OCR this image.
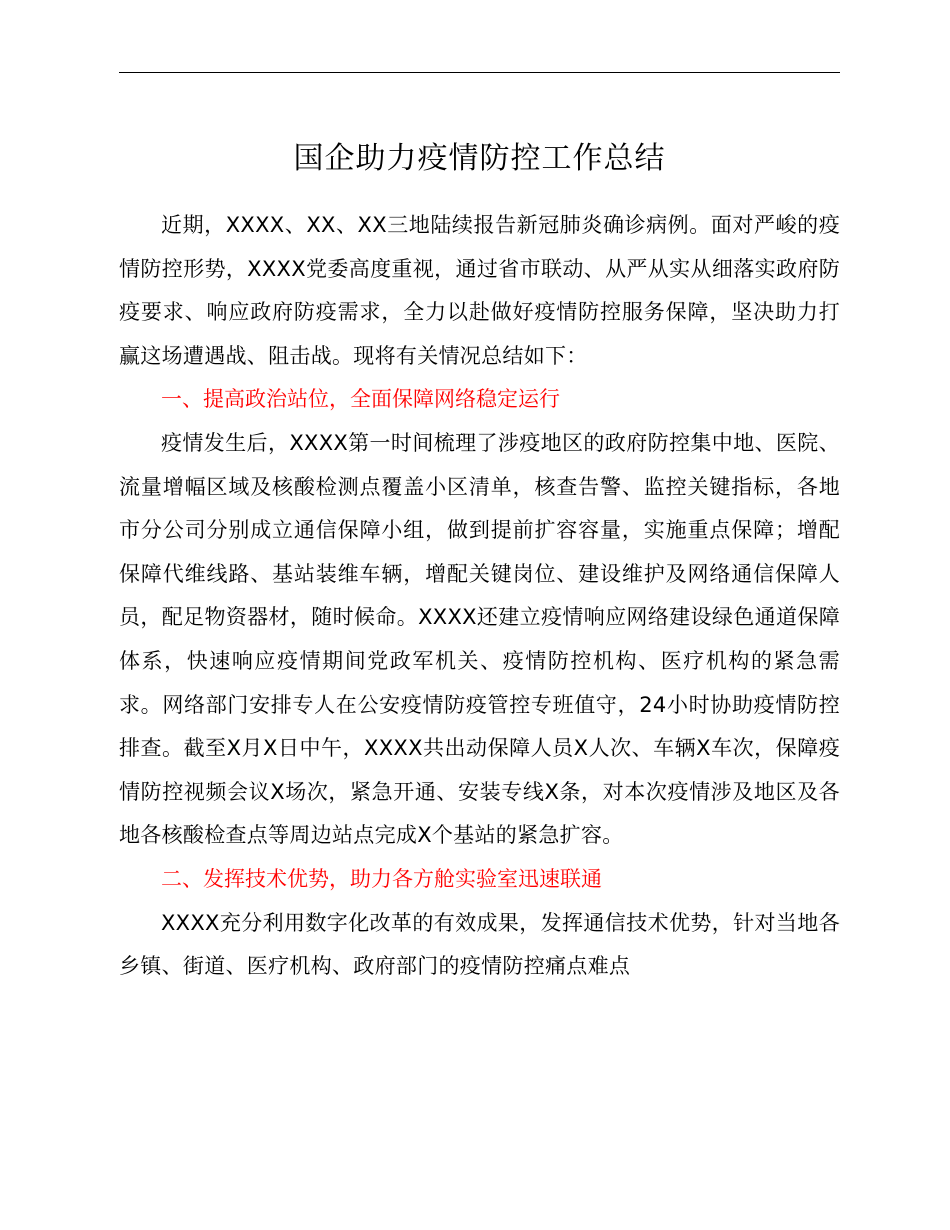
国企助力疫情防控工作总结

近期，XXXX、XX、XX三地陆续报告新冠肺炎确诊病例。面对严峻的疫情防控形势，XXXX党委高度重视，通过省市联动、从严从实从细落实政府防疫要求、响应政府防疫需求，全力以赴做好疫情防控服务保障，坚决助力打赢这场遭遇战、阻击战。现将有关情况总结如下：

一、提高政治站位，全面保障网络稳定运行

疫情发生后，XXXX第一时间梳理了涉疫地区的政府防控集中地、医院、流量增幅区域及核酸检测点覆盖小区清单，核查告警、监控关键指标，各地市分公司分别成立通信保障小组，做到提前扩容容量，实施重点保障；增配保障代维线路、基站装维车辆，增配关键岗位、建设维护及网络通信保障人员，配足物资器材，随时候命。XXXX还建立疫情响应网络建设绿色通道保障体系，快速响应疫情期间党政军机关、疫情防控机构、医疗机构的紧急需求。网络部门安排专人在公安疫情防疫管控专班值守，24小时协助疫情防控排查。截至X月X日中午，XXXX共出动保障人员X人次、车辆X车次，保障疫情防控视频会议X场次，紧急开通、安装专线X条，对本次疫情涉及地区及各地各核酸检查点等周边站点完成X个基站的紧急扩容。

二、发挥技术优势，助力各方舱实验室迅速联通

XXXX充分利用数字化改革的有效成果，发挥通信技术优势，针对当地各乡镇、街道、医疗机构、政府部门的疫情防控痛点难点
